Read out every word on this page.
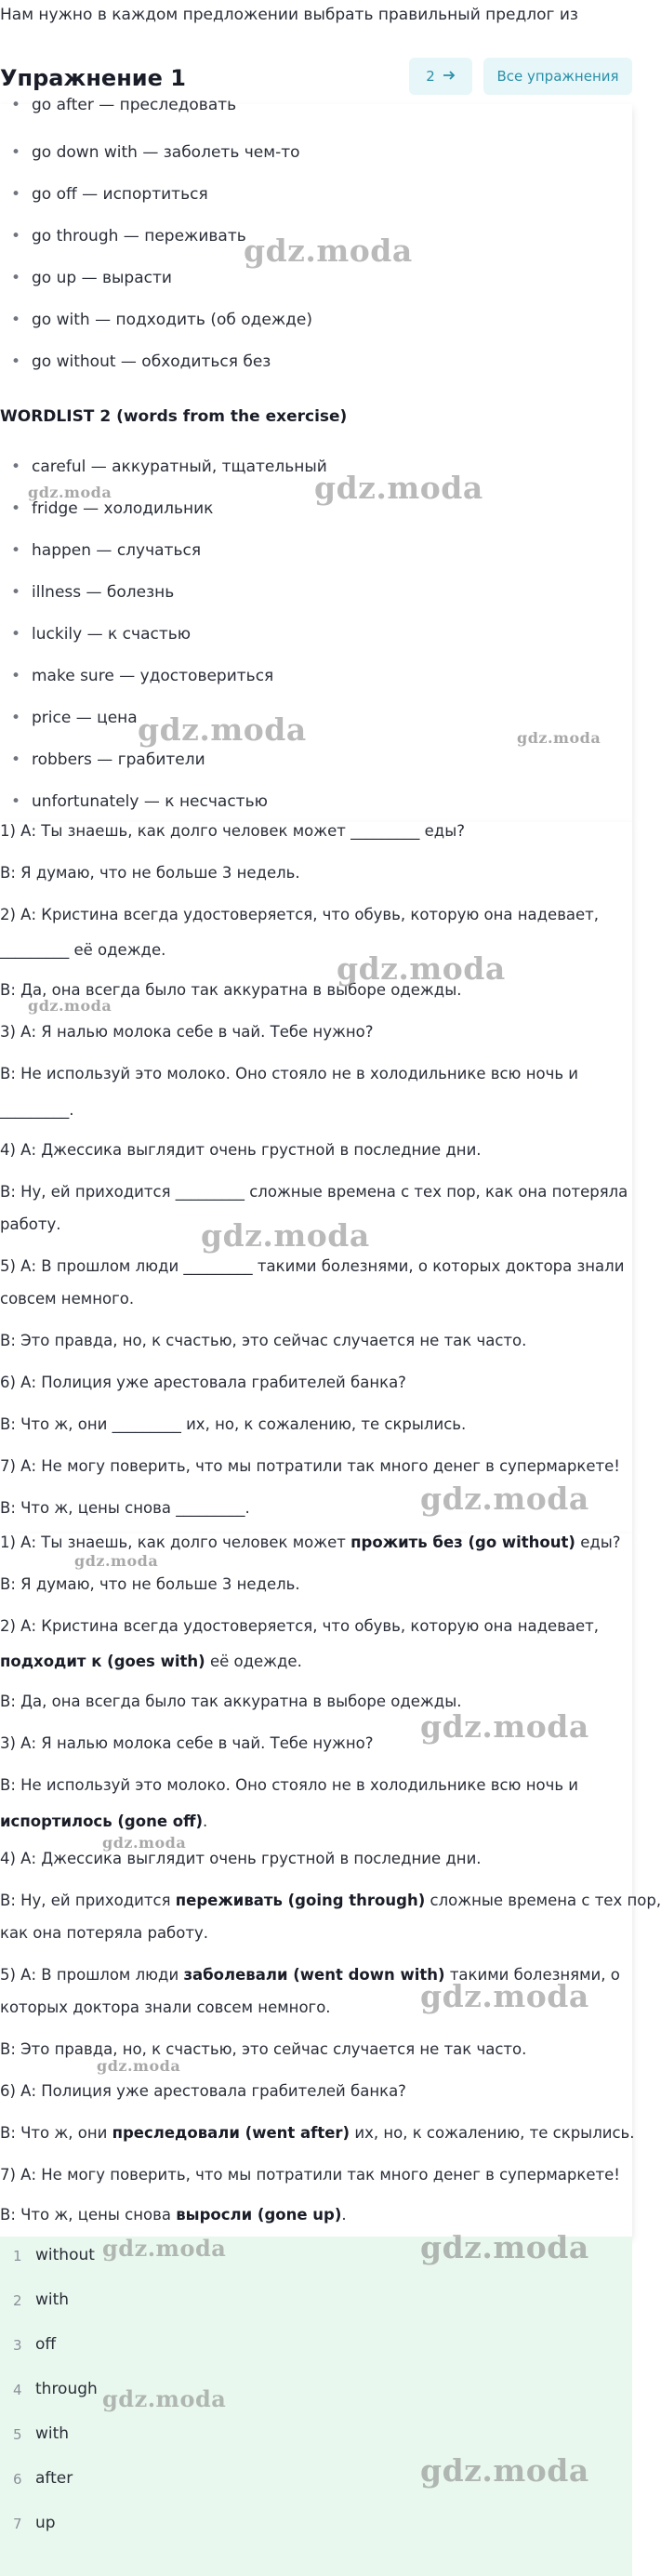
Нам нужно в каждом предложении выбрать правильный предлог из
Упражнение 1	2	Все упражнения
• go after — преследовать
• go down with — заболеть чем-то
• go off — испортиться
• go through — переживать
• go up — вырасти
• go with — подходить (об одежде)
• go without — обходиться без
WORDLIST 2 (words from the exercise)
• careful — аккуратный, тщательный
• fridge — холодильник
• happen — случаться
• illness — болезнь
• luckily — к счастью
• make sure — удостовериться
• price — цена
• robbers — грабители
• unfortunately — к несчастью
gdz.moda
gdz.moda	gdz.moda
gdz.moda	gdz.moda
1) А: Ты знаешь, как долго человек может _________ еды?
B: Я думаю, что не больше 3 недель.
2) А: Кристина всегда удостоверяется, что обувь, которую она надевает,
_________ её одежде.
B: Да, она всегда было так аккуратна в выборе одежды.
3) А: Я налью молока себе в чай. Тебе нужно?
B: Не используй это молоко. Оно стояло не в холодильнике всю ночь и
_________.
4) А: Джессика выглядит очень грустной в последние дни.
B: Ну, ей приходится _________ сложные времена с тех пор, как она потеряла
работу.
5) А: В прошлом люди _________ такими болезнями, о которых доктора знали
совсем немного.
B: Это правда, но, к счастью, это сейчас случается не так часто.
6) А: Полиция уже арестовала грабителей банка?
B: Что ж, они _________ их, но, к сожалению, те скрылись.
7) А: Не могу поверить, что мы потратили так много денег в супермаркете!
B: Что ж, цены снова _________.
gdz.moda
gdz.moda
gdz.moda
gdz.moda
1) А: Ты знаешь, как долго человек может прожить без (go without) еды?
B: Я думаю, что не больше 3 недель.
2) А: Кристина всегда удостоверяется, что обувь, которую она надевает,
подходит к (goes with) её одежде.
B: Да, она всегда было так аккуратна в выборе одежды.
3) А: Я налью молока себе в чай. Тебе нужно?
B: Не используй это молоко. Оно стояло не в холодильнике всю ночь и
испортилось (gone off).
4) А: Джессика выглядит очень грустной в последние дни.
B: Ну, ей приходится переживать (going through) сложные времена с тех пор,
как она потеряла работу.
5) А: В прошлом люди заболевали (went down with) такими болезнями, о
которых доктора знали совсем немного.
B: Это правда, но, к счастью, это сейчас случается не так часто.
6) А: Полиция уже арестовала грабителей банка?
B: Что ж, они преследовали (went after) их, но, к сожалению, те скрылись.
7) А: Не могу поверить, что мы потратили так много денег в супермаркете!
B: Что ж, цены снова выросли (gone up).
gdz.moda
gdz.moda
gdz.moda
gdz.moda
gdz.moda
1 without
2 with
3 off
4 through
5 with
6 after
7 up
gdz.moda	gdz.moda
gdz.moda
gdz.moda
